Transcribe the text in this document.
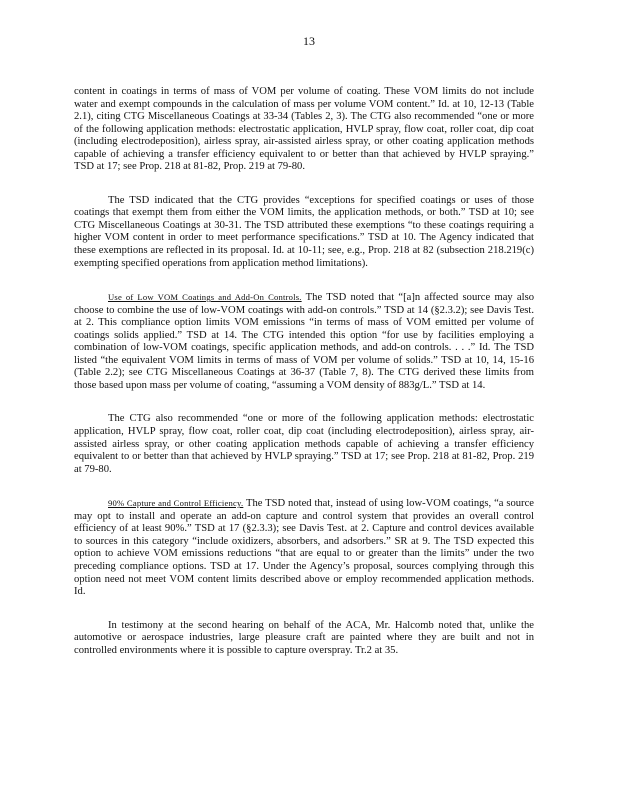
13

content in coatings in terms of mass of VOM per volume of coating. These VOM limits do not include water and exempt compounds in the calculation of mass per volume VOM content.” Id. at 10, 12-13 (Table 2.1), citing CTG Miscellaneous Coatings at 33-34 (Tables 2, 3). The CTG also recommended “one or more of the following application methods: electrostatic application, HVLP spray, flow coat, roller coat, dip coat (including electrodeposition), airless spray, air-assisted airless spray, or other coating application methods capable of achieving a transfer efficiency equivalent to or better than that achieved by HVLP spraying.” TSD at 17; see Prop. 218 at 81-82, Prop. 219 at 79-80.

The TSD indicated that the CTG provides “exceptions for specified coatings or uses of those coatings that exempt them from either the VOM limits, the application methods, or both.” TSD at 10; see CTG Miscellaneous Coatings at 30-31. The TSD attributed these exemptions “to these coatings requiring a higher VOM content in order to meet performance specifications.” TSD at 10. The Agency indicated that these exemptions are reflected in its proposal. Id. at 10-11; see, e.g., Prop. 218 at 82 (subsection 218.219(c) exempting specified operations from application method limitations).

Use of Low VOM Coatings and Add-On Controls. The TSD noted that “[a]n affected source may also choose to combine the use of low-VOM coatings with add-on controls.” TSD at 14 (§2.3.2); see Davis Test. at 2. This compliance option limits VOM emissions “in terms of mass of VOM emitted per volume of coatings solids applied.” TSD at 14. The CTG intended this option “for use by facilities employing a combination of low-VOM coatings, specific application methods, and add-on controls. . . .” Id. The TSD listed “the equivalent VOM limits in terms of mass of VOM per volume of solids.” TSD at 10, 14, 15-16 (Table 2.2); see CTG Miscellaneous Coatings at 36-37 (Table 7, 8). The CTG derived these limits from those based upon mass per volume of coating, “assuming a VOM density of 883g/L.” TSD at 14.

The CTG also recommended “one or more of the following application methods: electrostatic application, HVLP spray, flow coat, roller coat, dip coat (including electrodeposition), airless spray, air-assisted airless spray, or other coating application methods capable of achieving a transfer efficiency equivalent to or better than that achieved by HVLP spraying.” TSD at 17; see Prop. 218 at 81-82, Prop. 219 at 79-80.

90% Capture and Control Efficiency. The TSD noted that, instead of using low-VOM coatings, “a source may opt to install and operate an add-on capture and control system that provides an overall control efficiency of at least 90%.” TSD at 17 (§2.3.3); see Davis Test. at 2. Capture and control devices available to sources in this category “include oxidizers, absorbers, and adsorbers.” SR at 9. The TSD expected this option to achieve VOM emissions reductions “that are equal to or greater than the limits” under the two preceding compliance options. TSD at 17. Under the Agency’s proposal, sources complying through this option need not meet VOM content limits described above or employ recommended application methods. Id.

In testimony at the second hearing on behalf of the ACA, Mr. Halcomb noted that, unlike the automotive or aerospace industries, large pleasure craft are painted where they are built and not in controlled environments where it is possible to capture overspray. Tr.2 at 35.
